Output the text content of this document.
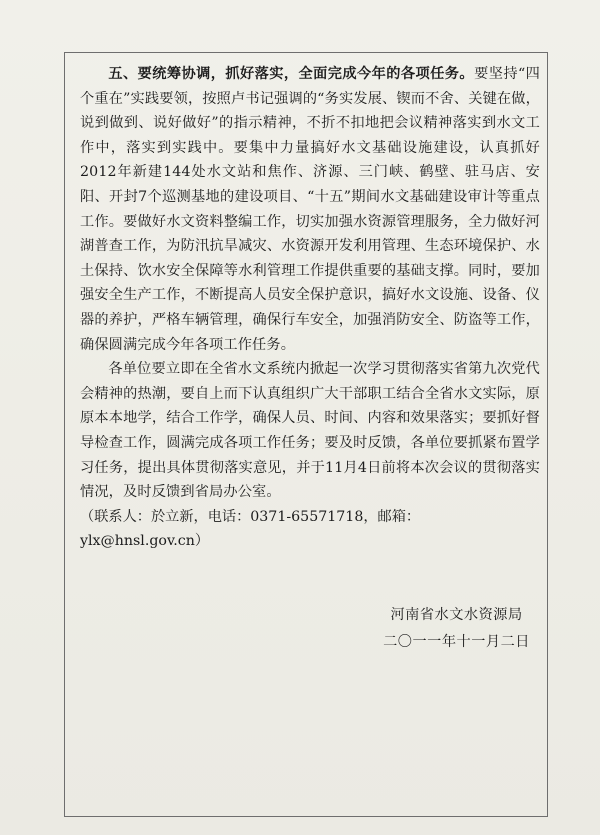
五、要统筹协调，抓好落实，全面完成今年的各项任务。要坚持“四个重在”实践要领，按照卢书记强调的“务实发展、锲而不舍、关键在做，说到做到、说好做好”的指示精神，不折不扣地把会议精神落实到水文工作中，落实到实践中。要集中力量搞好水文基础设施建设，认真抓好2012年新建144处水文站和焦作、济源、三门峡、鹤壁、驻马店、安阳、开封7个巡测基地的建设项目、“十五”期间水文基础建设审计等重点工作。要做好水文资料整编工作，切实加强水资源管理服务，全力做好河湖普查工作，为防汛抗旱减灾、水资源开发利用管理、生态环境保护、水土保持、饮水安全保障等水利管理工作提供重要的基础支撑。同时，要加强安全生产工作，不断提高人员安全保护意识，搞好水文设施、设备、仪器的养护，严格车辆管理，确保行车安全，加强消防安全、防盗等工作，确保圆满完成今年各项工作任务。

各单位要立即在全省水文系统内掀起一次学习贯彻落实省第九次党代会精神的热潮，要自上而下认真组织广大干部职工结合全省水文实际，原原本本地学，结合工作学，确保人员、时间、内容和效果落实；要抓好督导检查工作，圆满完成各项工作任务；要及时反馈，各单位要抓紧布置学习任务，提出具体贯彻落实意见，并于11月4日前将本次会议的贯彻落实情况，及时反馈到省局办公室。

（联系人：於立新，电话：0371-65571718，邮箱：ylx@hnsl.gov.cn）

河南省水文水资源局
二〇一一年十一月二日
